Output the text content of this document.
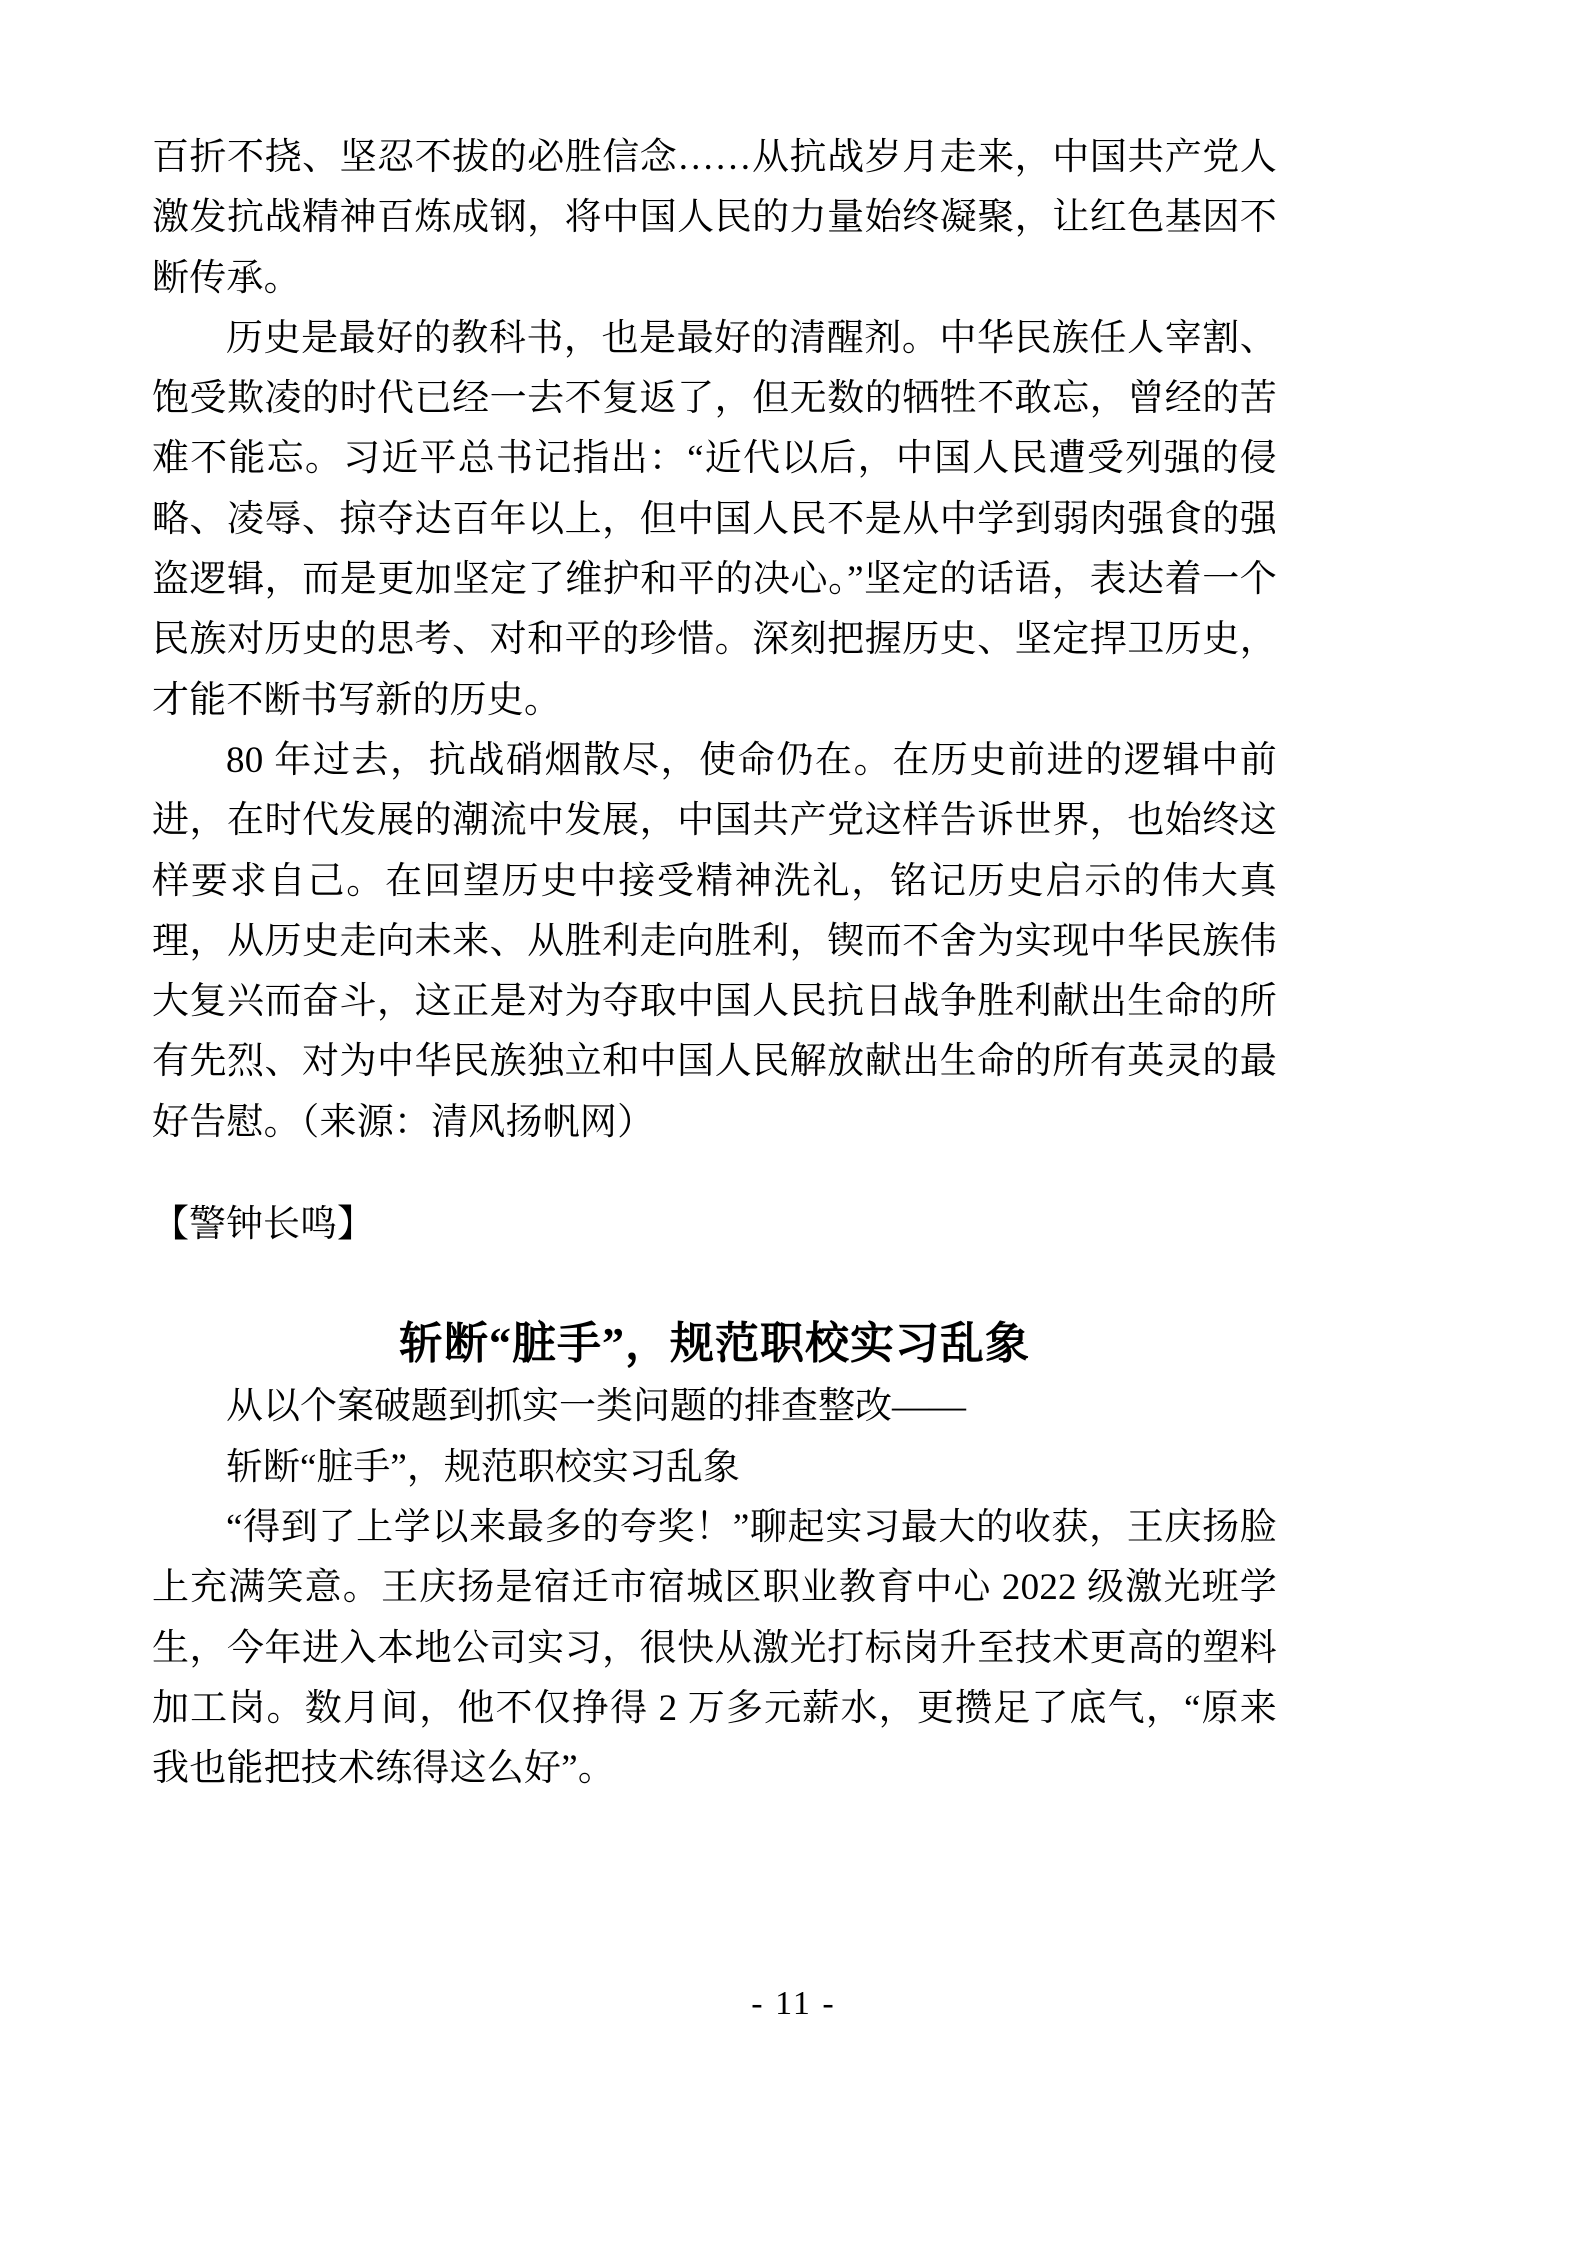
百折不挠、坚忍不拔的必胜信念……从抗战岁月走来，中国共产党人激发抗战精神百炼成钢，将中国人民的力量始终凝聚，让红色基因不断传承。

历史是最好的教科书，也是最好的清醒剂。中华民族任人宰割、饱受欺凌的时代已经一去不复返了，但无数的牺牲不敢忘，曾经的苦难不能忘。习近平总书记指出：“近代以后，中国人民遭受列强的侵略、凌辱、掠夺达百年以上，但中国人民不是从中学到弱肉强食的强盗逻辑，而是更加坚定了维护和平的决心。”坚定的话语，表达着一个民族对历史的思考、对和平的珍惜。深刻把握历史、坚定捍卫历史，才能不断书写新的历史。

80 年过去，抗战硝烟散尽，使命仍在。在历史前进的逻辑中前进，在时代发展的潮流中发展，中国共产党这样告诉世界，也始终这样要求自己。在回望历史中接受精神洗礼，铭记历史启示的伟大真理，从历史走向未来、从胜利走向胜利，锲而不舍为实现中华民族伟大复兴而奋斗，这正是对为夺取中国人民抗日战争胜利献出生命的所有先烈、对为中华民族独立和中国人民解放献出生命的所有英灵的最好告慰。（来源：清风扬帆网）

【警钟长鸣】

斩断“脏手”，规范职校实习乱象

从以个案破题到抓实一类问题的排查整改——

斩断“脏手”，规范职校实习乱象

“得到了上学以来最多的夸奖！”聊起实习最大的收获，王庆扬脸上充满笑意。王庆扬是宿迁市宿城区职业教育中心 2022 级激光班学生，今年进入本地公司实习，很快从激光打标岗升至技术更高的塑料加工岗。数月间，他不仅挣得 2 万多元薪水，更攒足了底气，“原来我也能把技术练得这么好”。

- 11 -
